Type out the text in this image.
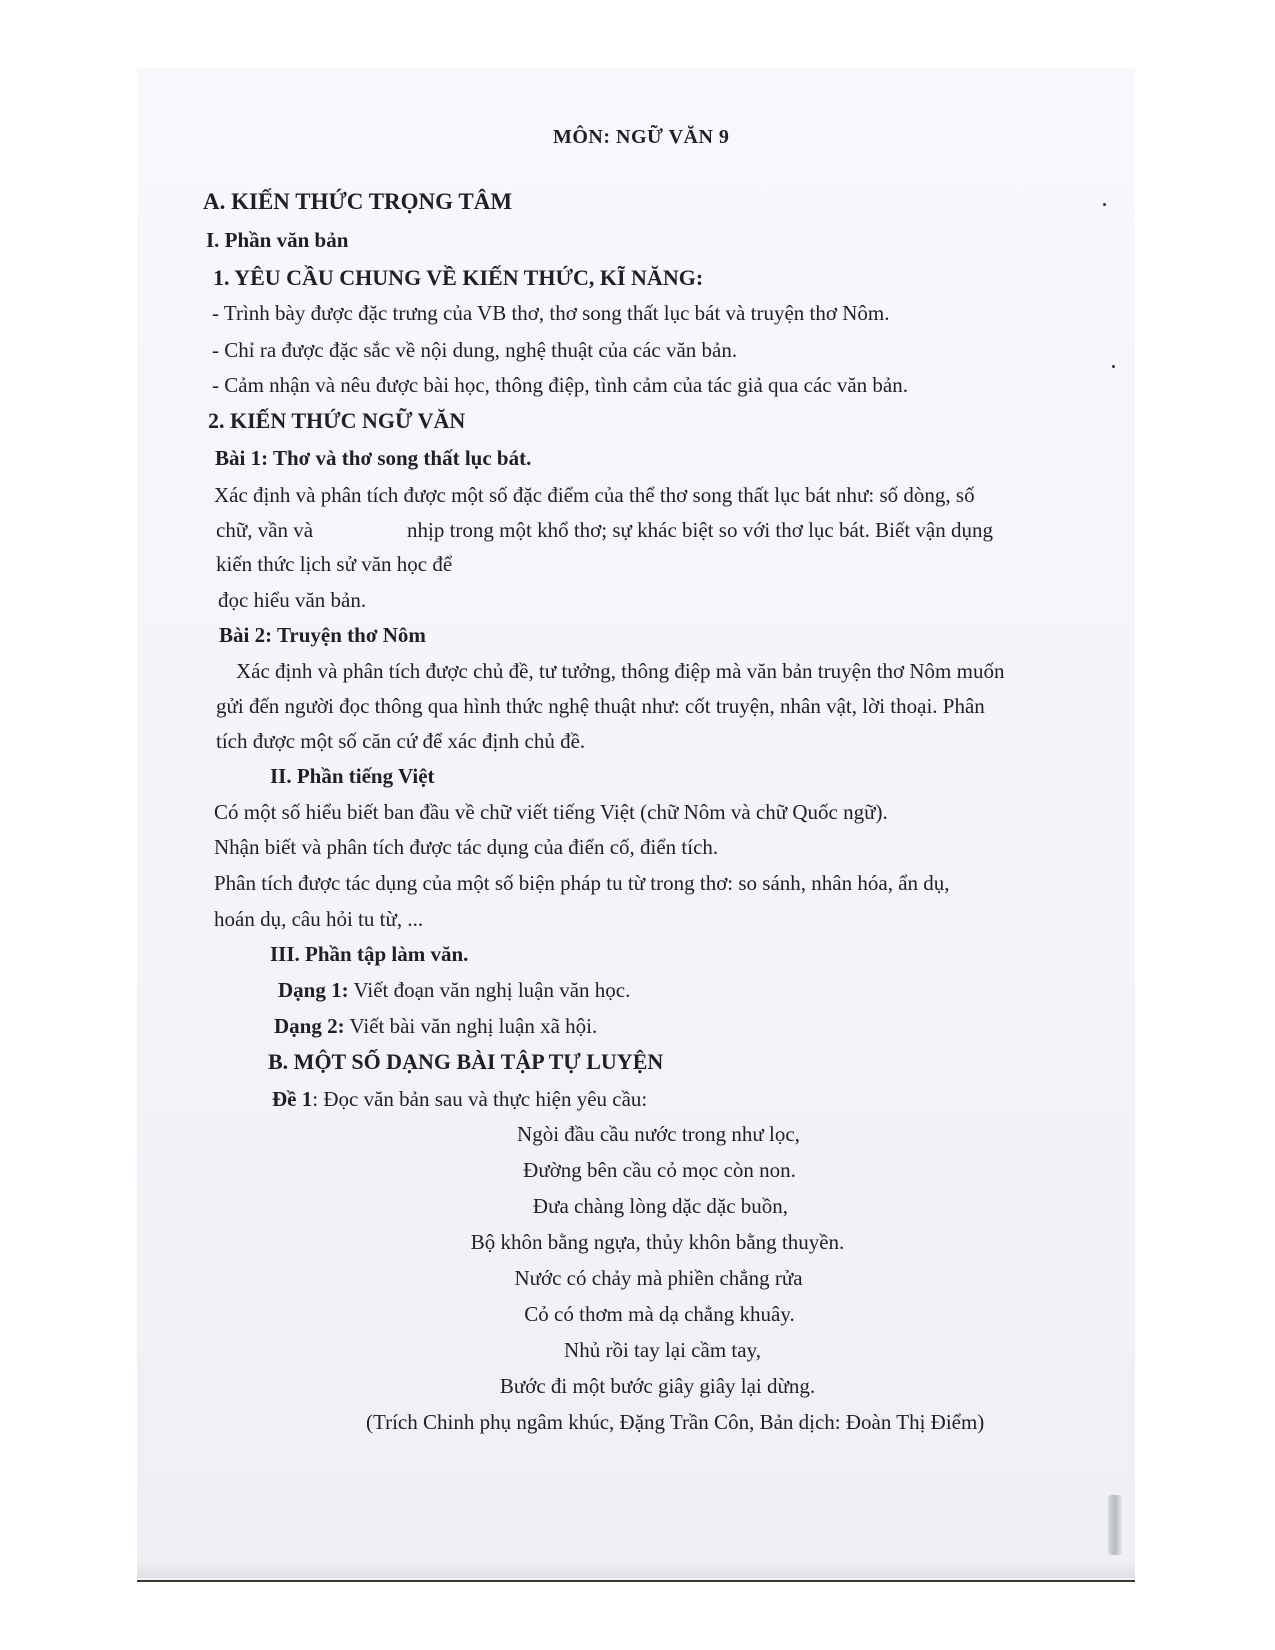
MÔN: NGỮ VĂN 9
A. KIẾN THỨC TRỌNG TÂM
I. Phần văn bản
1. YÊU CẦU CHUNG VỀ KIẾN THỨC, KĨ NĂNG:
- Trình bày được đặc trưng của VB thơ, thơ song thất lục bát và truyện thơ Nôm.
- Chỉ ra được đặc sắc về nội dung, nghệ thuật của các văn bản.
- Cảm nhận và nêu được bài học, thông điệp, tình cảm của tác giả qua các văn bản.
2. KIẾN THỨC NGỮ VĂN
Bài 1: Thơ và thơ song thất lục bát.
Xác định và phân tích được một số đặc điểm của thể thơ song thất lục bát như: số dòng, số
chữ, vần và	nhịp trong một khổ thơ; sự khác biệt so với thơ lục bát. Biết vận dụng
kiến thức lịch sử văn học để
đọc hiểu văn bản.
Bài 2: Truyện thơ Nôm
Xác định và phân tích được chủ đề, tư tưởng, thông điệp mà văn bản truyện thơ Nôm muốn
gửi đến người đọc thông qua hình thức nghệ thuật như: cốt truyện, nhân vật, lời thoại. Phân
tích được một số căn cứ để xác định chủ đề.
II. Phần tiếng Việt
Có một số hiểu biết ban đầu về chữ viết tiếng Việt (chữ Nôm và chữ Quốc ngữ).
Nhận biết và phân tích được tác dụng của điển cố, điển tích.
Phân tích được tác dụng của một số biện pháp tu từ trong thơ: so sánh, nhân hóa, ẩn dụ,
hoán dụ, câu hỏi tu từ, ...
III. Phần tập làm văn.
Dạng 1: Viết đoạn văn nghị luận văn học.
Dạng 2: Viết bài văn nghị luận xã hội.
B. MỘT SỐ DẠNG BÀI TẬP TỰ LUYỆN
Đề 1: Đọc văn bản sau và thực hiện yêu cầu:
Ngòi đầu cầu nước trong như lọc,
Đường bên cầu cỏ mọc còn non.
Đưa chàng lòng dặc dặc buồn,
Bộ khôn bằng ngựa, thủy khôn bằng thuyền.
Nước có chảy mà phiền chẳng rửa
Cỏ có thơm mà dạ chẳng khuây.
Nhủ rồi tay lại cầm tay,
Bước đi một bước giây giây lại dừng.
(Trích Chinh phụ ngâm khúc, Đặng Trần Côn, Bản dịch: Đoàn Thị Điểm)
